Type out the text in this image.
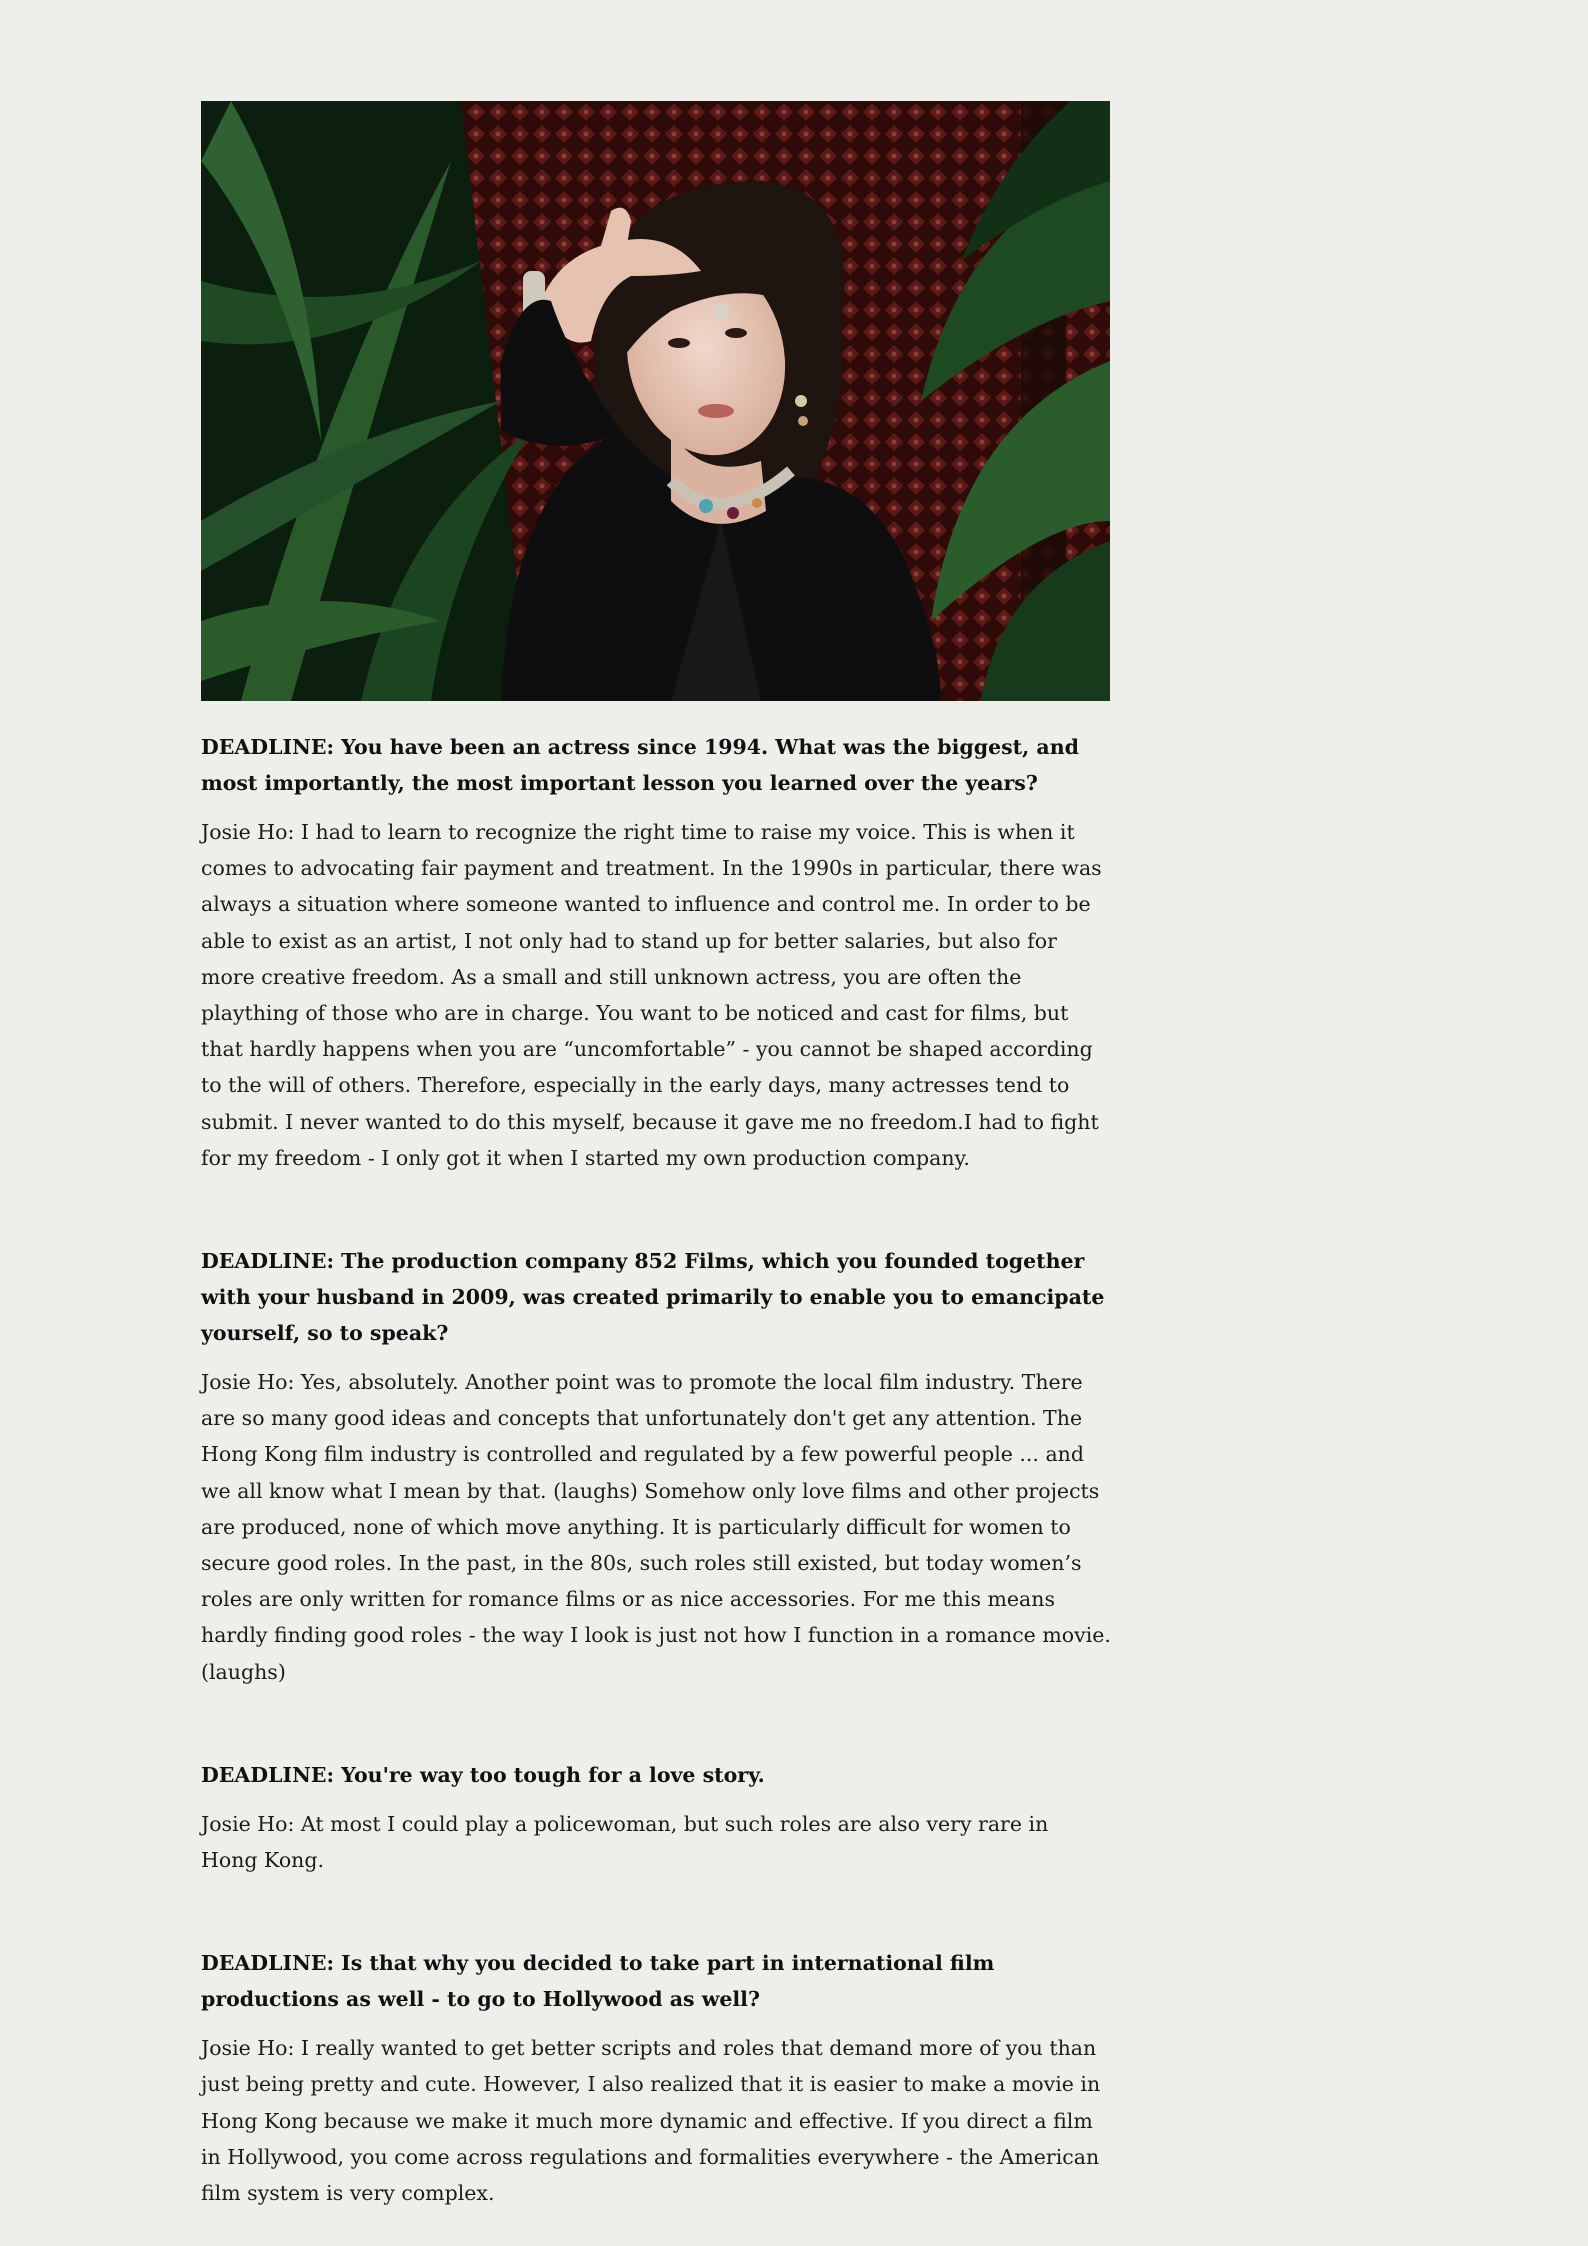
DEADLINE: You have been an actress since 1994. What was the biggest, and most importantly, the most important lesson you learned over the years?

Josie Ho: I had to learn to recognize the right time to raise my voice. This is when it comes to advocating fair payment and treatment. In the 1990s in particular, there was always a situation where someone wanted to influence and control me. In order to be able to exist as an artist, I not only had to stand up for better salaries, but also for more creative freedom. As a small and still unknown actress, you are often the plaything of those who are in charge. You want to be noticed and cast for films, but that hardly happens when you are “uncomfortable” - you cannot be shaped according to the will of others. Therefore, especially in the early days, many actresses tend to submit. I never wanted to do this myself, because it gave me no freedom.I had to fight for my freedom - I only got it when I started my own production company.

DEADLINE: The production company 852 Films, which you founded together with your husband in 2009, was created primarily to enable you to emancipate yourself, so to speak?

Josie Ho: Yes, absolutely. Another point was to promote the local film industry. There are so many good ideas and concepts that unfortunately don't get any attention. The Hong Kong film industry is controlled and regulated by a few powerful people ... and we all know what I mean by that. (laughs) Somehow only love films and other projects are produced, none of which move anything. It is particularly difficult for women to secure good roles. In the past, in the 80s, such roles still existed, but today women’s roles are only written for romance films or as nice accessories. For me this means hardly finding good roles - the way I look is just not how I function in a romance movie. (laughs)

DEADLINE: You're way too tough for a love story.

Josie Ho: At most I could play a policewoman, but such roles are also very rare in Hong Kong.

DEADLINE: Is that why you decided to take part in international film productions as well - to go to Hollywood as well?

Josie Ho: I really wanted to get better scripts and roles that demand more of you than just being pretty and cute. However, I also realized that it is easier to make a movie in Hong Kong because we make it much more dynamic and effective. If you direct a film in Hollywood, you come across regulations and formalities everywhere - the American film system is very complex.
